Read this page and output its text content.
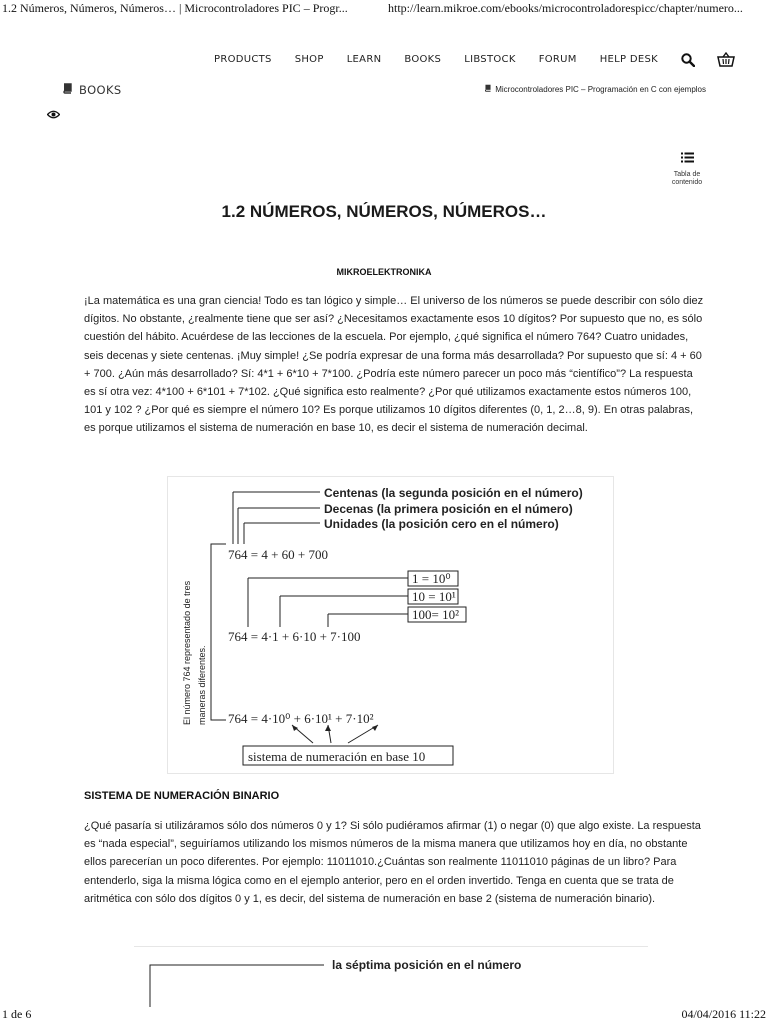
1.2 Números, Números, Números… | Microcontroladores PIC – Progr...	http://learn.mikroe.com/ebooks/microcontroladorespicc/chapter/numero...
PRODUCTS SHOP LEARN BOOKS LIBSTOCK FORUM HELP DESK
BOOKS	Microcontroladores PIC – Programación en C con ejemplos
Tabla de contenido
1.2 NÚMEROS, NÚMEROS, NÚMEROS…
MIKROELEKTRONIKA

¡La matemática es una gran ciencia! Todo es tan lógico y simple… El universo de los números se puede describir con sólo diez dígitos. No obstante, ¿realmente tiene que ser así? ¿Necesitamos exactamente esos 10 dígitos? Por supuesto que no, es sólo cuestión del hábito. Acuérdese de las lecciones de la escuela. Por ejemplo, ¿qué significa el número 764? Cuatro unidades, seis decenas y siete centenas. ¡Muy simple! ¿Se podría expresar de una forma más desarrollada? Por supuesto que sí: 4 + 60 + 700. ¿Aún más desarrollado? Sí: 4*1 + 6*10 + 7*100. ¿Podría este número parecer un poco más “científico”? La respuesta es sí otra vez: 4*100 + 6*101 + 7*102. ¿Qué significa esto realmente? ¿Por qué utilizamos exactamente estos números 100, 101 y 102 ? ¿Por qué es siempre el número 10? Es porque utilizamos 10 dígitos diferentes (0, 1, 2…8, 9). En otras palabras, es porque utilizamos el sistema de numeración en base 10, es decir el sistema de numeración decimal.

Centenas (la segunda posición en el número)
Decenas (la primera posición en el número)
Unidades (la posición cero en el número)
764 = 4 + 60 + 700
1 = 10⁰
10 = 10¹
100= 10²
764 = 4·1 + 6·10 + 7·100
764 = 4·10⁰ + 6·10¹ + 7·10²
sistema de numeración en base 10
El número 764 representado de tres maneras diferentes.
SISTEMA DE NUMERACIÓN BINARIO

¿Qué pasaría si utilizáramos sólo dos números 0 y 1? Si sólo pudiéramos afirmar (1) o negar (0) que algo existe. La respuesta es “nada especial”, seguiríamos utilizando los mismos números de la misma manera que utilizamos hoy en día, no obstante ellos parecerían un poco diferentes. Por ejemplo: 11011010.¿Cuántas son realmente 11011010 páginas de un libro? Para entenderlo, siga la misma lógica como en el ejemplo anterior, pero en el orden invertido. Tenga en cuenta que se trata de aritmética con sólo dos dígitos 0 y 1, es decir, del sistema de numeración en base 2 (sistema de numeración binario).

la séptima posición en el número
1 de 6	04/04/2016 11:22
